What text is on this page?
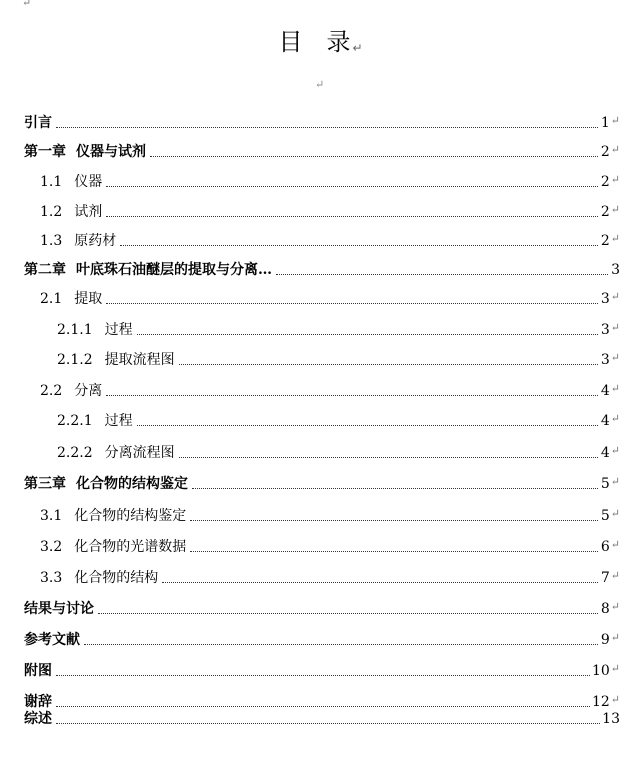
↵
目 录↵
↵
引言	1 ↵
第一章 仪器与试剂	2 ↵
1.1 仪器	2 ↵
1.2 试剂	2 ↵
1.3 原药材	2 ↵
第二章 叶底珠石油醚层的提取与分离…	3
2.1 提取	3 ↵
2.1.1 过程	3 ↵
2.1.2 提取流程图	3 ↵
2.2 分离	4 ↵
2.2.1 过程	4 ↵
2.2.2 分离流程图	4 ↵
第三章 化合物的结构鉴定	5 ↵
3.1 化合物的结构鉴定	5 ↵
3.2 化合物的光谱数据	6 ↵
3.3 化合物的结构	7 ↵
结果与讨论	8 ↵
参考文献	9 ↵
附图	10 ↵
谢辞	12 ↵
综述	13
